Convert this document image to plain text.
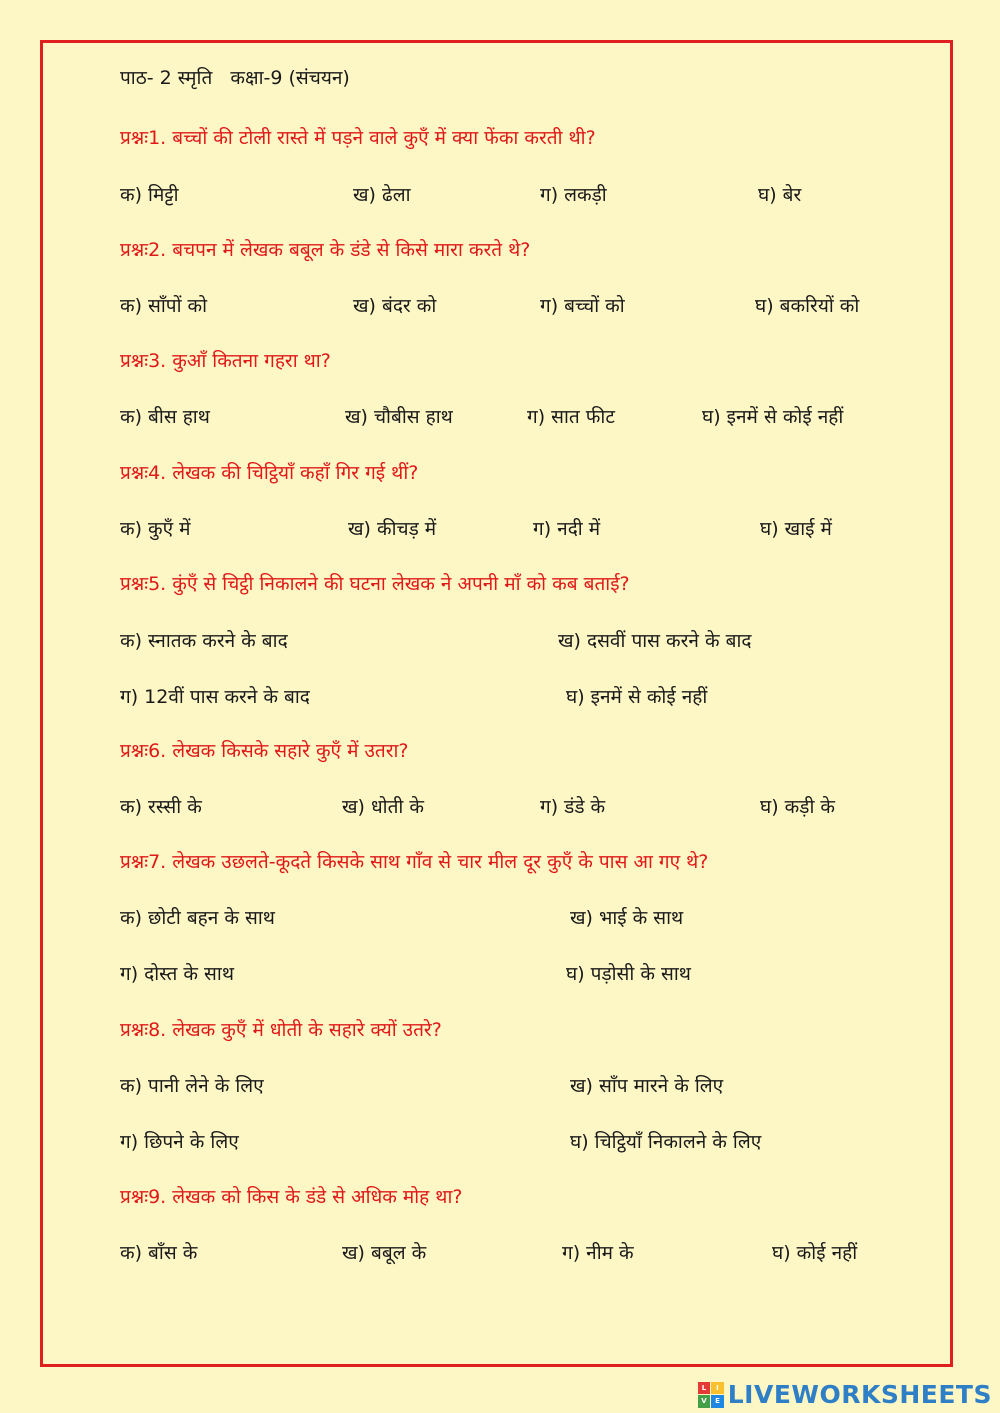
पाठ- 2 स्मृति   कक्षा-9 (संचयन)
प्रश्नः1. बच्चों की टोली रास्ते में पड़ने वाले कुएँ में क्या फेंका करती थी?
क) मिट्टी	ख) ढेला	ग) लकड़ी	घ) बेर
प्रश्नः2. बचपन में लेखक बबूल के डंडे से किसे मारा करते थे?
क) साँपों को	ख) बंदर को	ग) बच्चों को	घ) बकरियों को
प्रश्नः3. कुआँ कितना गहरा था?
क) बीस हाथ	ख) चौबीस हाथ	ग) सात फीट	घ) इनमें से कोई नहीं
प्रश्नः4. लेखक की चिट्ठियाँ कहाँ गिर गई थीं?
क) कुएँ में	ख) कीचड़ में	ग) नदी में	घ) खाई में
प्रश्नः5. कुंएँ से चिट्ठी निकालने की घटना लेखक ने अपनी माँ को कब बताई?
क) स्नातक करने के बाद	ख) दसवीं पास करने के बाद
ग) 12वीं पास करने के बाद	घ) इनमें से कोई नहीं
प्रश्नः6. लेखक किसके सहारे कुएँ में उतरा?
क) रस्सी के	ख) धोती के	ग) डंडे के	घ) कड़ी के
प्रश्नः7. लेखक उछलते-कूदते किसके साथ गाँव से चार मील दूर कुएँ के पास आ गए थे?
क) छोटी बहन के साथ	ख) भाई के साथ
ग) दोस्त के साथ	घ) पड़ोसी के साथ
प्रश्नः8. लेखक कुएँ में धोती के सहारे क्यों उतरे?
क) पानी लेने के लिए	ख) साँप मारने के लिए
ग) छिपने के लिए	घ) चिट्ठियाँ निकालने के लिए
प्रश्नः9. लेखक को किस के डंडे से अधिक मोह था?
क) बाँस के	ख) बबूल के	ग) नीम के	घ) कोई नहीं
L	I
V	E LIVEWORKSHEETS
